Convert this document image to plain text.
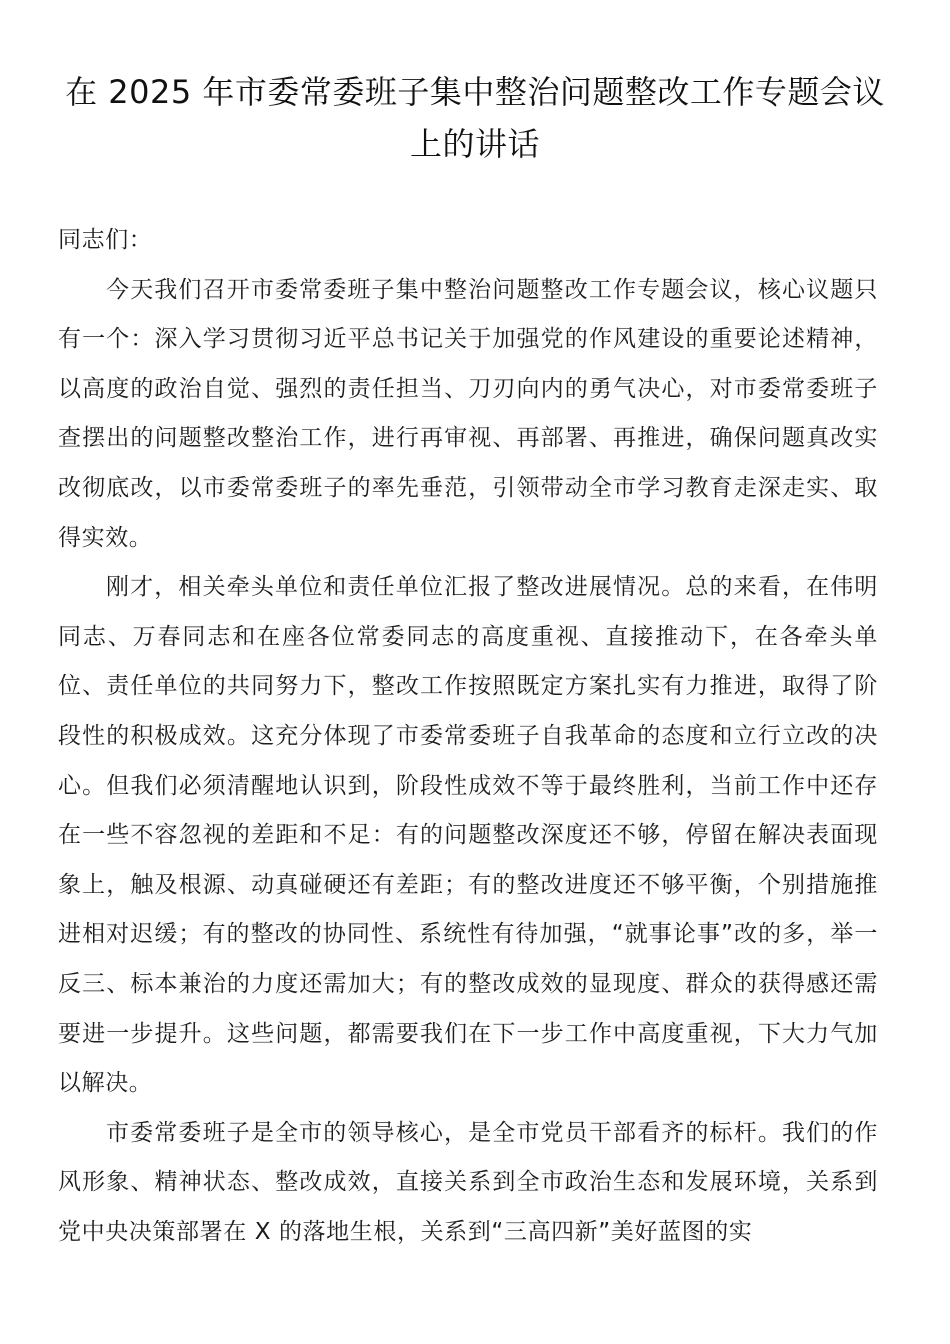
在 2025 年市委常委班子集中整治问题整改工作专题会议上的讲话

同志们：

今天我们召开市委常委班子集中整治问题整改工作专题会议，核心议题只有一个：深入学习贯彻习近平总书记关于加强党的作风建设的重要论述精神，以高度的政治自觉、强烈的责任担当、刀刃向内的勇气决心，对市委常委班子查摆出的问题整改整治工作，进行再审视、再部署、再推进，确保问题真改实改彻底改，以市委常委班子的率先垂范，引领带动全市学习教育走深走实、取得实效。

刚才，相关牵头单位和责任单位汇报了整改进展情况。总的来看，在伟明同志、万春同志和在座各位常委同志的高度重视、直接推动下，在各牵头单位、责任单位的共同努力下，整改工作按照既定方案扎实有力推进，取得了阶段性的积极成效。这充分体现了市委常委班子自我革命的态度和立行立改的决心。但我们必须清醒地认识到，阶段性成效不等于最终胜利，当前工作中还存在一些不容忽视的差距和不足：有的问题整改深度还不够，停留在解决表面现象上，触及根源、动真碰硬还有差距；有的整改进度还不够平衡，个别措施推进相对迟缓；有的整改的协同性、系统性有待加强，“就事论事”改的多，举一反三、标本兼治的力度还需加大；有的整改成效的显现度、群众的获得感还需要进一步提升。这些问题，都需要我们在下一步工作中高度重视，下大力气加以解决。

市委常委班子是全市的领导核心，是全市党员干部看齐的标杆。我们的作风形象、精神状态、整改成效，直接关系到全市政治生态和发展环境，关系到党中央决策部署在 X 的落地生根，关系到“三高四新”美好蓝图的实
